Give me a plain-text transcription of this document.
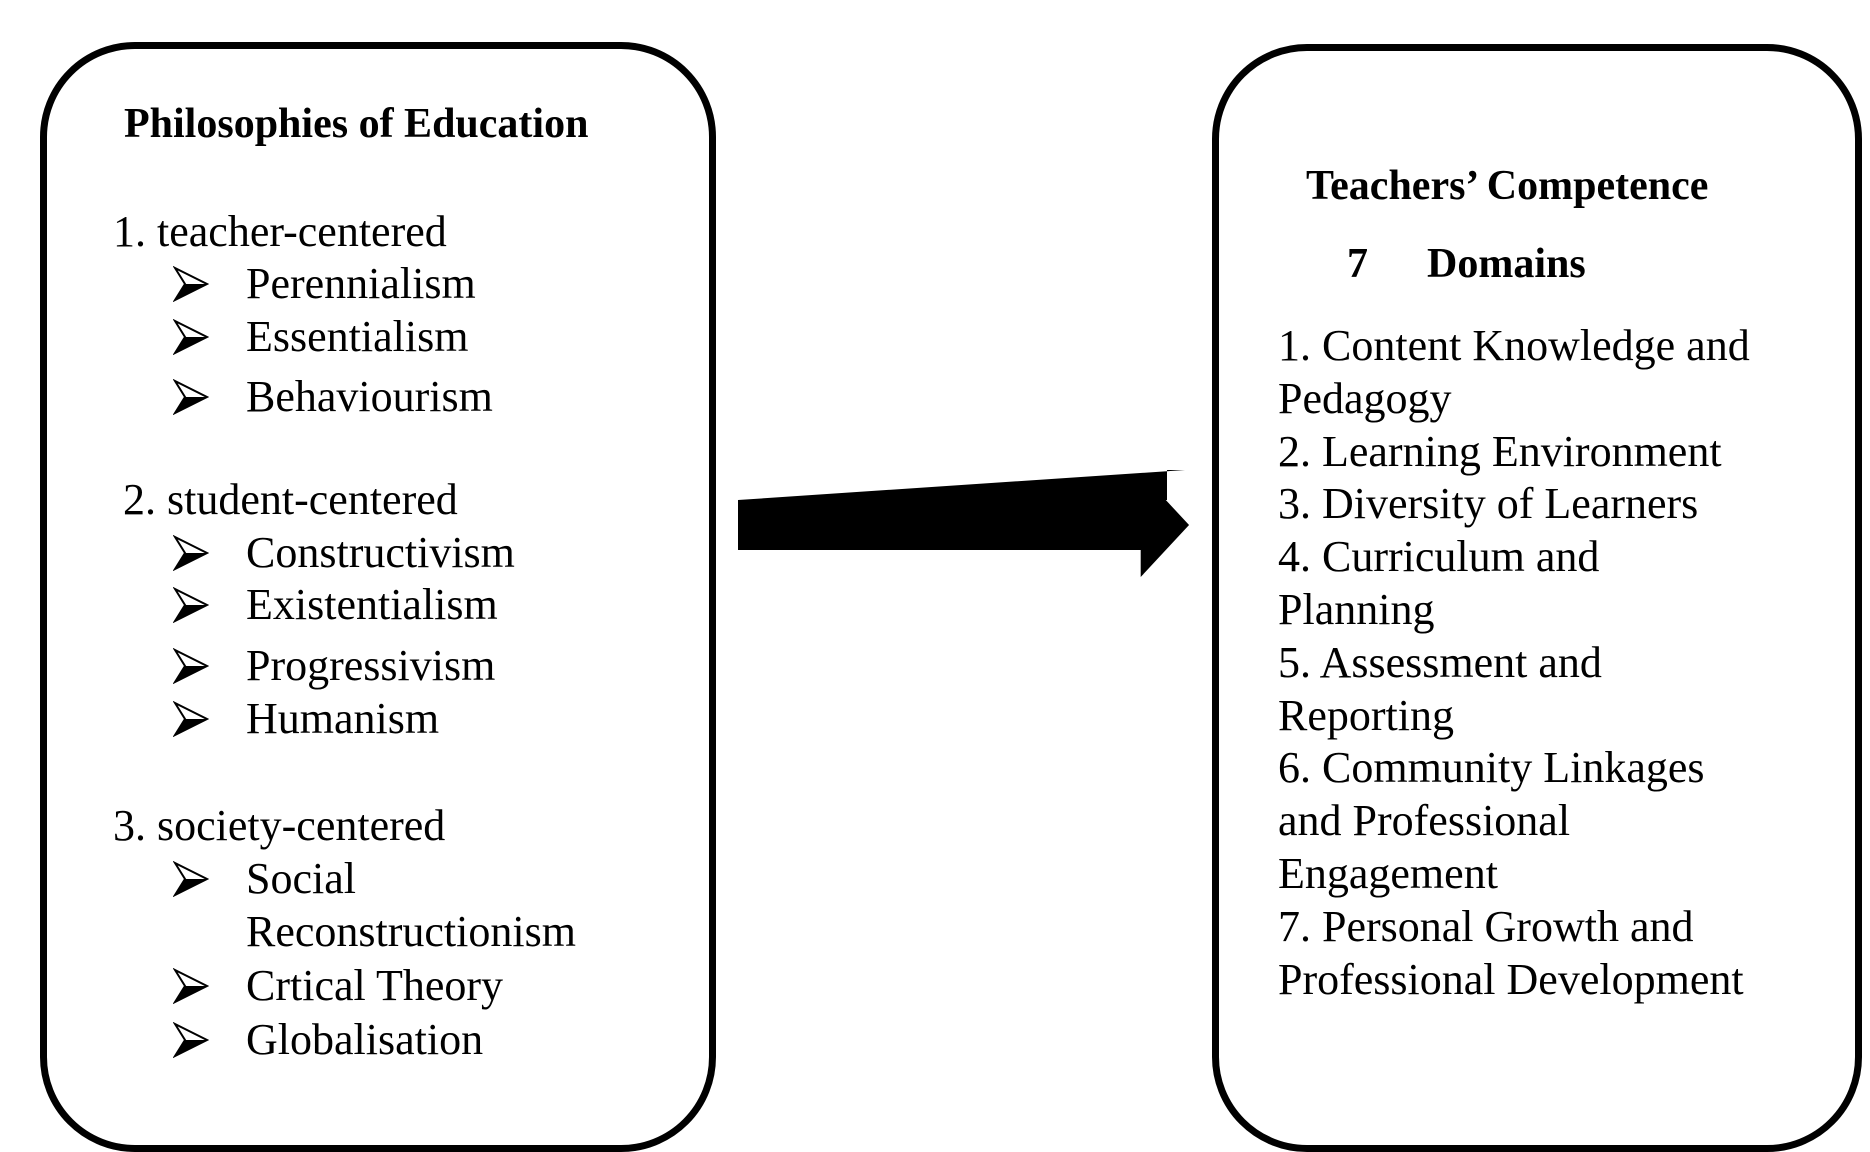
Philosophies of Education
1. teacher-centered
Perennialism
Essentialism
Behaviourism
2. student-centered
Constructivism
Existentialism
Progressivism
Humanism
3. society-centered
Social
Reconstructionism
Crtical Theory
Globalisation
Teachers’ Competence
7 Domains
1. Content Knowledge and
Pedagogy
2. Learning Environment
3. Diversity of Learners
4. Curriculum and
Planning
5. Assessment and
Reporting
6. Community Linkages
and Professional
Engagement
7. Personal Growth and
Professional Development
